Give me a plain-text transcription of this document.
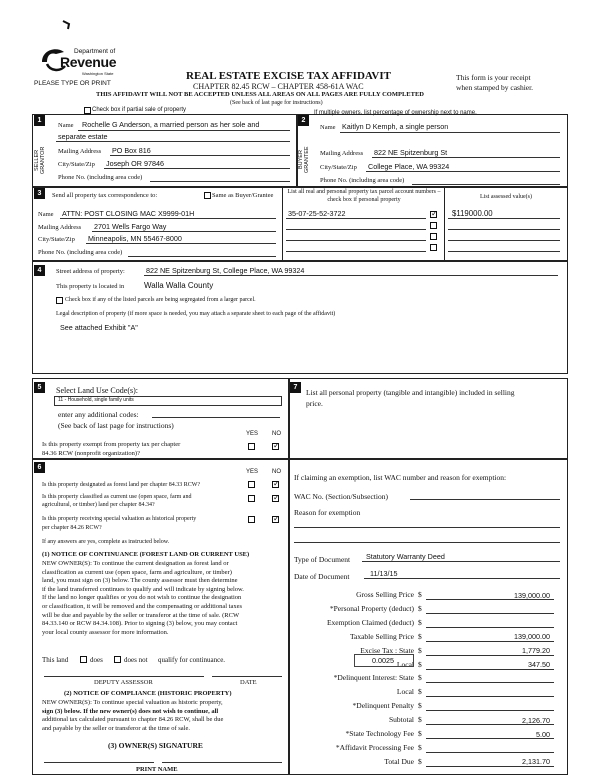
Department of
Revenue
Washington State
PLEASE TYPE OR PRINT
REAL ESTATE EXCISE TAX AFFIDAVIT
CHAPTER 82.45 RCW – CHAPTER 458-61A WAC
THIS AFFIDAVIT WILL NOT BE ACCEPTED UNLESS ALL AREAS ON ALL PAGES ARE FULLY COMPLETED
(See back of last page for instructions)
This form is your receipt
when stamped by cashier.
Check box if partial sale of property	If multiple owners, list percentage of ownership next to name.
1	2
SELLER GRANTOR	BUYER GRANTEE
Name Rochelle G Anderson, a married person as her sole and
separate estate
Mailing Address PO Box 816
City/State/Zip Joseph OR 97846
Phone No. (including area code)
Name Kaitlyn D Kemph, a single person
Mailing Address 822 NE Spitzenburg St
City/State/Zip College Place, WA 99324
Phone No. (including area code)
3	Send all property tax correspondence to:	Same as Buyer/Grantee
Name ATTN: POST CLOSING MAC X9999-01H
Mailing Address 2701 Wells Fargo Way
City/State/Zip Minneapolis, MN 55467-8000
Phone No. (including area code)
List all real and personal property tax parcel account numbers – check box if personal property	List assessed value(s)
35-07-25-52-3722	$119000.00
✓
4	Street address of property:	822 NE Spitzenburg St, College Place, WA 99324
This property is located in Walla Walla County
Check box if any of the listed parcels are being segregated from a larger parcel.
Legal description of property (if more space is needed, you may attach a separate sheet to each page of the affidavit)
See attached Exhibit "A"
5	Select Land Use Code(s):
11 - Household, single family units
enter any additional codes:
(See back of last page for instructions)
YES NO
Is this property exempt from property tax per chapter
84.36 RCW (nonprofit organization)?
✓
7
List all personal property (tangible and intangible) included in selling
price.
6
YES NO
Is this property designated as forest land per chapter 84.33 RCW?
✓
Is this property classified as current use (open space, farm and
agricultural, or timber) land per chapter 84.34?
✓
Is this property receiving special valuation as historical property
per chapter 84.26 RCW?
✓
If any answers are yes, complete as instructed below.
(1) NOTICE OF CONTINUANCE (FOREST LAND OR CURRENT USE)
NEW OWNER(S): To continue the current designation as forest land or
classification as current use (open space, farm and agriculture, or timber)
land, you must sign on (3) below. The county assessor must then determine
if the land transferred continues to qualify and will indicate by signing below.
If the land no longer qualifies or you do not wish to continue the designation
or classification, it will be removed and the compensating or additional taxes
will be due and payable by the seller or transferor at the time of sale. (RCW
84.33.140 or RCW 84.34.108). Prior to signing (3) below, you may contact
your local county assessor for more information.
This land	does	does not qualify for continuance.
DEPUTY ASSESSOR	DATE
(2) NOTICE OF COMPLIANCE (HISTORIC PROPERTY)
NEW OWNER(S): To continue special valuation as historic property,
sign (3) below. If the new owner(s) does not wish to continue, all
additional tax calculated pursuant to chapter 84.26 RCW, shall be due
and payable by the seller or transferor at the time of sale.
(3) OWNER(S) SIGNATURE
PRINT NAME
If claiming an exemption, list WAC number and reason for exemption:
WAC No. (Section/Subsection)
Reason for exemption
Type of Document Statutory Warranty Deed
Date of Document	11/13/15
Gross Selling Price $	139,000.00
*Personal Property (deduct) $
Exemption Claimed (deduct) $
Taxable Selling Price $	139,000.00
Excise Tax : State $	1,779.20
Local $	347.50
*Delinquent Interest: State $
Local $
*Delinquent Penalty $
Subtotal $	2,126.70
*State Technology Fee $	5.00
*Affidavit Processing Fee $
Total Due $	2,131.70
0.0025
